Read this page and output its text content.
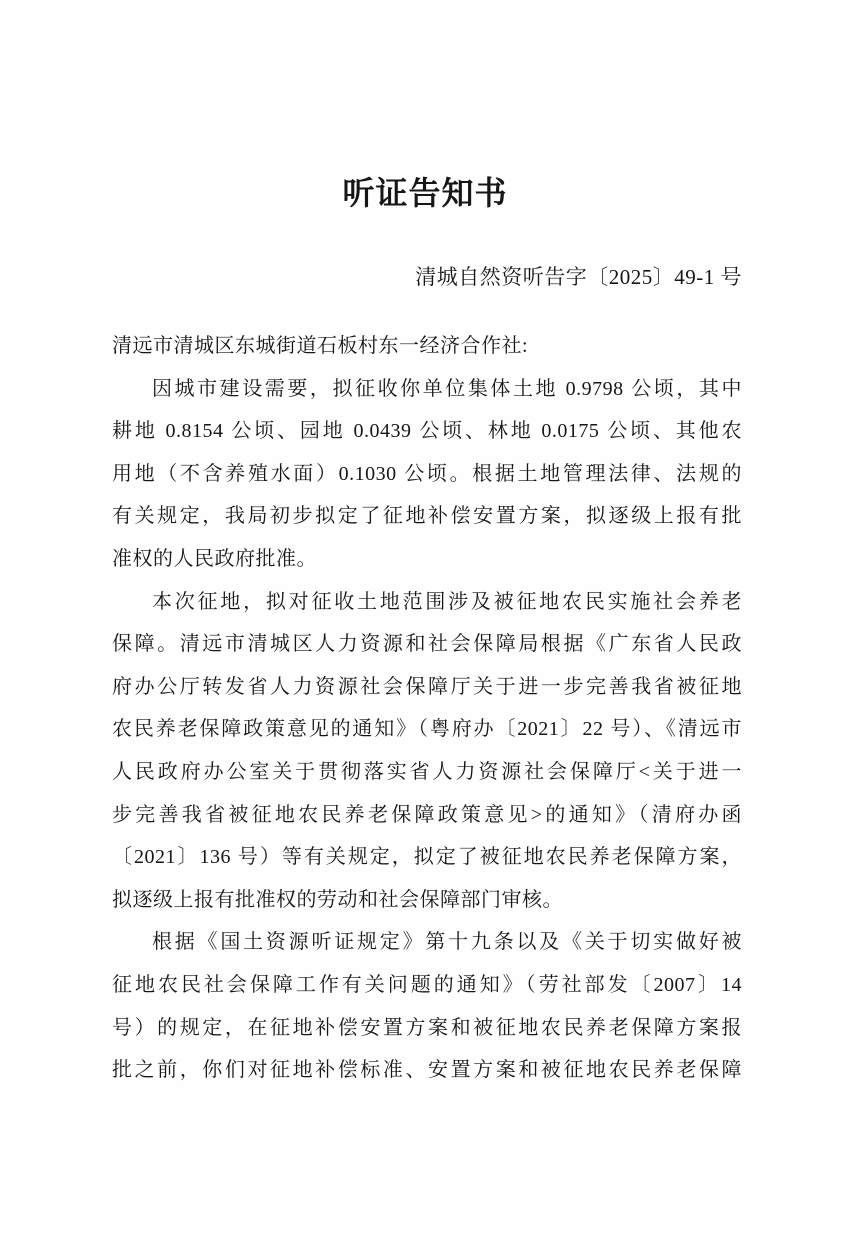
听证告知书
清城自然资听告字〔2025〕49-1 号
清远市清城区东城街道石板村东一经济合作社:
因城市建设需要，拟征收你单位集体土地 0.9798 公顷，其中
耕地 0.8154 公顷、园地 0.0439 公顷、林地 0.0175 公顷、其他农
用地（不含养殖水面）0.1030 公顷。根据土地管理法律、法规的
有关规定，我局初步拟定了征地补偿安置方案，拟逐级上报有批
准权的人民政府批准。
本次征地，拟对征收土地范围涉及被征地农民实施社会养老
保障。清远市清城区人力资源和社会保障局根据《广东省人民政
府办公厅转发省人力资源社会保障厅关于进一步完善我省被征地
农民养老保障政策意见的通知》（粤府办〔2021〕22 号）、《清远市
人民政府办公室关于贯彻落实省人力资源社会保障厅<关于进一
步完善我省被征地农民养老保障政策意见>的通知》（清府办函
〔2021〕136 号）等有关规定，拟定了被征地农民养老保障方案，
拟逐级上报有批准权的劳动和社会保障部门审核。
根据《国土资源听证规定》第十九条以及《关于切实做好被
征地农民社会保障工作有关问题的通知》（劳社部发〔2007〕14
号）的规定，在征地补偿安置方案和被征地农民养老保障方案报
批之前，你们对征地补偿标准、安置方案和被征地农民养老保障
